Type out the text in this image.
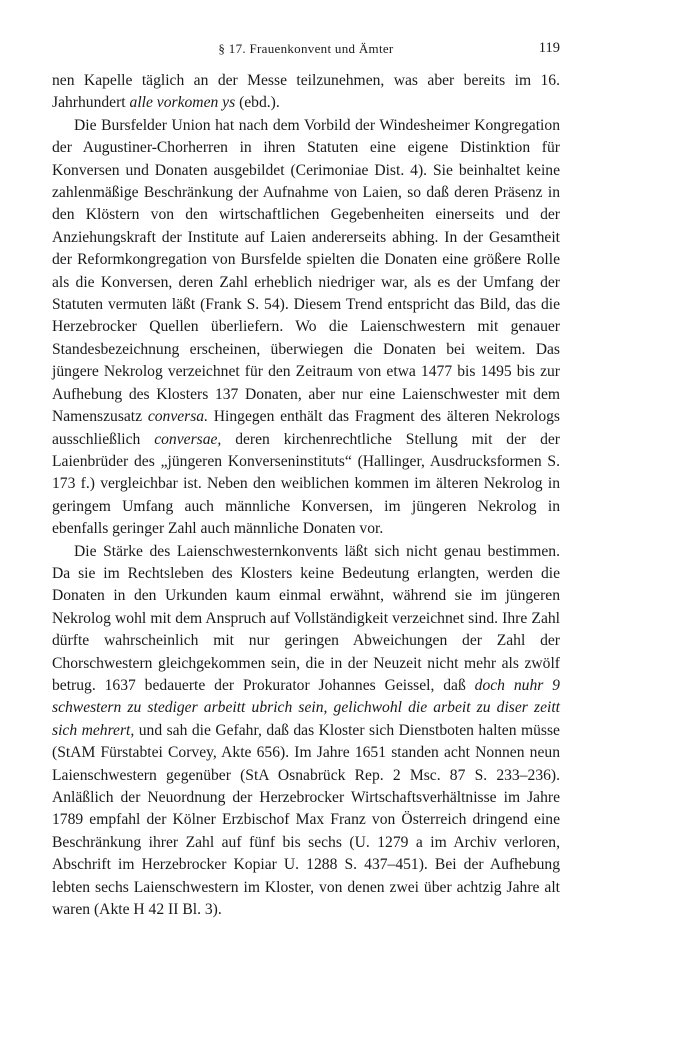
§ 17. Frauenkonvent und Ämter	119

nen Kapelle täglich an der Messe teilzunehmen, was aber bereits im 16. Jahrhundert alle vorkomen ys (ebd.).

Die Bursfelder Union hat nach dem Vorbild der Windesheimer Kongregation der Augustiner-Chorherren in ihren Statuten eine eigene Distinktion für Konversen und Donaten ausgebildet (Cerimoniae Dist. 4). Sie beinhaltet keine zahlenmäßige Beschränkung der Aufnahme von Laien, so daß deren Präsenz in den Klöstern von den wirtschaftlichen Gegebenheiten einerseits und der Anziehungskraft der Institute auf Laien andererseits abhing. In der Gesamtheit der Reformkongregation von Bursfelde spielten die Donaten eine größere Rolle als die Konversen, deren Zahl erheblich niedriger war, als es der Umfang der Statuten vermuten läßt (Frank S. 54). Diesem Trend entspricht das Bild, das die Herzebrocker Quellen überliefern. Wo die Laienschwestern mit genauer Standesbezeichnung erscheinen, überwiegen die Donaten bei weitem. Das jüngere Nekrolog verzeichnet für den Zeitraum von etwa 1477 bis 1495 bis zur Aufhebung des Klosters 137 Donaten, aber nur eine Laienschwester mit dem Namenszusatz conversa. Hingegen enthält das Fragment des älteren Nekrologs ausschließlich conversae, deren kirchenrechtliche Stellung mit der der Laienbrüder des „jüngeren Konverseninstituts“ (Hallinger, Ausdrucksformen S. 173 f.) vergleichbar ist. Neben den weiblichen kommen im älteren Nekrolog in geringem Umfang auch männliche Konversen, im jüngeren Nekrolog in ebenfalls geringer Zahl auch männliche Donaten vor.

Die Stärke des Laienschwesternkonvents läßt sich nicht genau bestimmen. Da sie im Rechtsleben des Klosters keine Bedeutung erlangten, werden die Donaten in den Urkunden kaum einmal erwähnt, während sie im jüngeren Nekrolog wohl mit dem Anspruch auf Vollständigkeit verzeichnet sind. Ihre Zahl dürfte wahrscheinlich mit nur geringen Abweichungen der Zahl der Chorschwestern gleichgekommen sein, die in der Neuzeit nicht mehr als zwölf betrug. 1637 bedauerte der Prokurator Johannes Geissel, daß doch nuhr 9 schwestern zu stediger arbeitt ubrich sein, gelichwohl die arbeit zu diser zeitt sich mehrert, und sah die Gefahr, daß das Kloster sich Dienstboten halten müsse (StAM Fürstabtei Corvey, Akte 656). Im Jahre 1651 standen acht Nonnen neun Laienschwestern gegenüber (StA Osnabrück Rep. 2 Msc. 87 S. 233–236). Anläßlich der Neuordnung der Herzebrocker Wirtschaftsverhältnisse im Jahre 1789 empfahl der Kölner Erzbischof Max Franz von Österreich dringend eine Beschränkung ihrer Zahl auf fünf bis sechs (U. 1279 a im Archiv verloren, Abschrift im Herzebrocker Kopiar U. 1288 S. 437–451). Bei der Aufhebung lebten sechs Laienschwestern im Kloster, von denen zwei über achtzig Jahre alt waren (Akte H 42 II Bl. 3).
